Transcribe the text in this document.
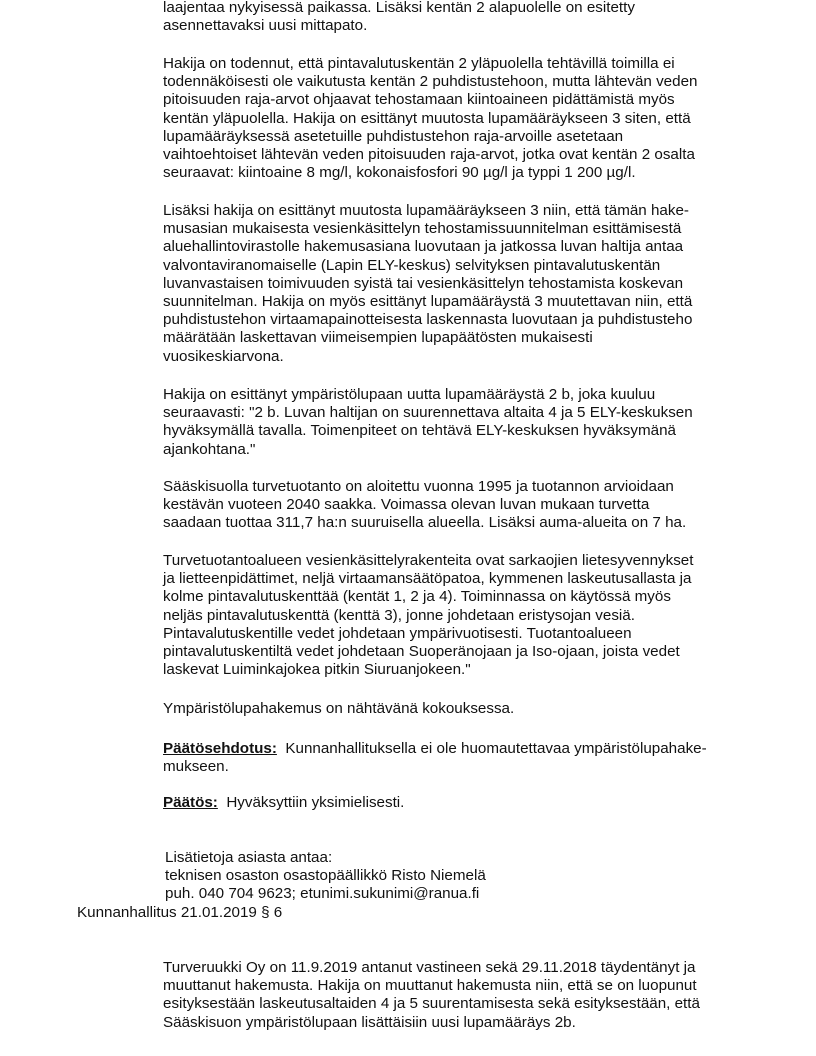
laajentaa nykyisessä paikassa. Lisäksi kentän 2 alapuolelle on esitetty
asennettavaksi uusi mittapato.
Hakija on todennut, että pintavalutuskentän 2 yläpuolella tehtävillä toimilla ei
todennäköisesti ole vaikutusta kentän 2 puhdistustehoon, mutta lähtevän veden
pitoisuuden raja-arvot ohjaavat tehostamaan kiintoaineen pidättämistä myös
kentän yläpuolella. Hakija on esittänyt muutosta lupamääräykseen 3 siten, että
lupamääräyksessä asetetuille puhdistustehon raja-arvoille asetetaan
vaihtoehtoiset lähtevän veden pitoisuuden raja-arvot, jotka ovat kentän 2 osalta
seuraavat: kiintoaine 8 mg/l, kokonaisfosfori 90 µg/l ja typpi 1 200 µg/l.
Lisäksi hakija on esittänyt muutosta lupamääräykseen 3 niin, että tämän hake-
musasian mukaisesta vesienkäsittelyn tehostamissuunnitelman esittämisestä
aluehallintovirastolle hakemusasiana luovutaan ja jatkossa luvan haltija antaa
valvontaviranomaiselle (Lapin ELY-keskus) selvityksen pintavalutuskentän
luvanvastaisen toimivuuden syistä tai vesienkäsittelyn tehostamista koskevan
suunnitelman. Hakija on myös esittänyt lupamääräystä 3 muutettavan niin, että
puhdistustehon virtaamapainotteisesta laskennasta luovutaan ja puhdistusteho
määrätään laskettavan viimeisempien lupapäätösten mukaisesti
vuosikeskiarvona.
Hakija on esittänyt ympäristölupaan uutta lupamääräystä 2 b, joka kuuluu
seuraavasti: "2 b. Luvan haltijan on suurennettava altaita 4 ja 5 ELY-keskuksen
hyväksymällä tavalla. Toimenpiteet on tehtävä ELY-keskuksen hyväksymänä
ajankohtana."
Sääskisuolla turvetuotanto on aloitettu vuonna 1995 ja tuotannon arvioidaan
kestävän vuoteen 2040 saakka. Voimassa olevan luvan mukaan turvetta
saadaan tuottaa 311,7 ha:n suuruisella alueella. Lisäksi auma-alueita on 7 ha.
Turvetuotantoalueen vesienkäsittelyrakenteita ovat sarkaojien lietesyvennykset
ja lietteenpidättimet, neljä virtaamansäätöpatoa, kymmenen laskeutusallasta ja
kolme pintavalutuskenttää (kentät 1, 2 ja 4). Toiminnassa on käytössä myös
neljäs pintavalutuskenttä (kenttä 3), jonne johdetaan eristysojan vesiä.
Pintavalutuskentille vedet johdetaan ympärivuotisesti. Tuotantoalueen
pintavalutuskentiltä vedet johdetaan Suoperänojaan ja Iso-ojaan, joista vedet
laskevat Luiminkajokea pitkin Siuruanjokeen."
Ympäristölupahakemus on nähtävänä kokouksessa.
Päätösehdotus: Kunnanhallituksella ei ole huomautettavaa ympäristölupahake-
mukseen.
Päätös: Hyväksyttiin yksimielisesti.
Lisätietoja asiasta antaa:
teknisen osaston osastopäällikkö Risto Niemelä
puh. 040 704 9623; etunimi.sukunimi@ranua.fi
Kunnanhallitus 21.01.2019 § 6
Turveruukki Oy on 11.9.2019 antanut vastineen sekä 29.11.2018 täydentänyt ja
muuttanut hakemusta. Hakija on muuttanut hakemusta niin, että se on luopunut
esityksestään laskeutusaltaiden 4 ja 5 suurentamisesta sekä esityksestään, että
Sääskisuon ympäristölupaan lisättäisiin uusi lupamääräys 2b.
